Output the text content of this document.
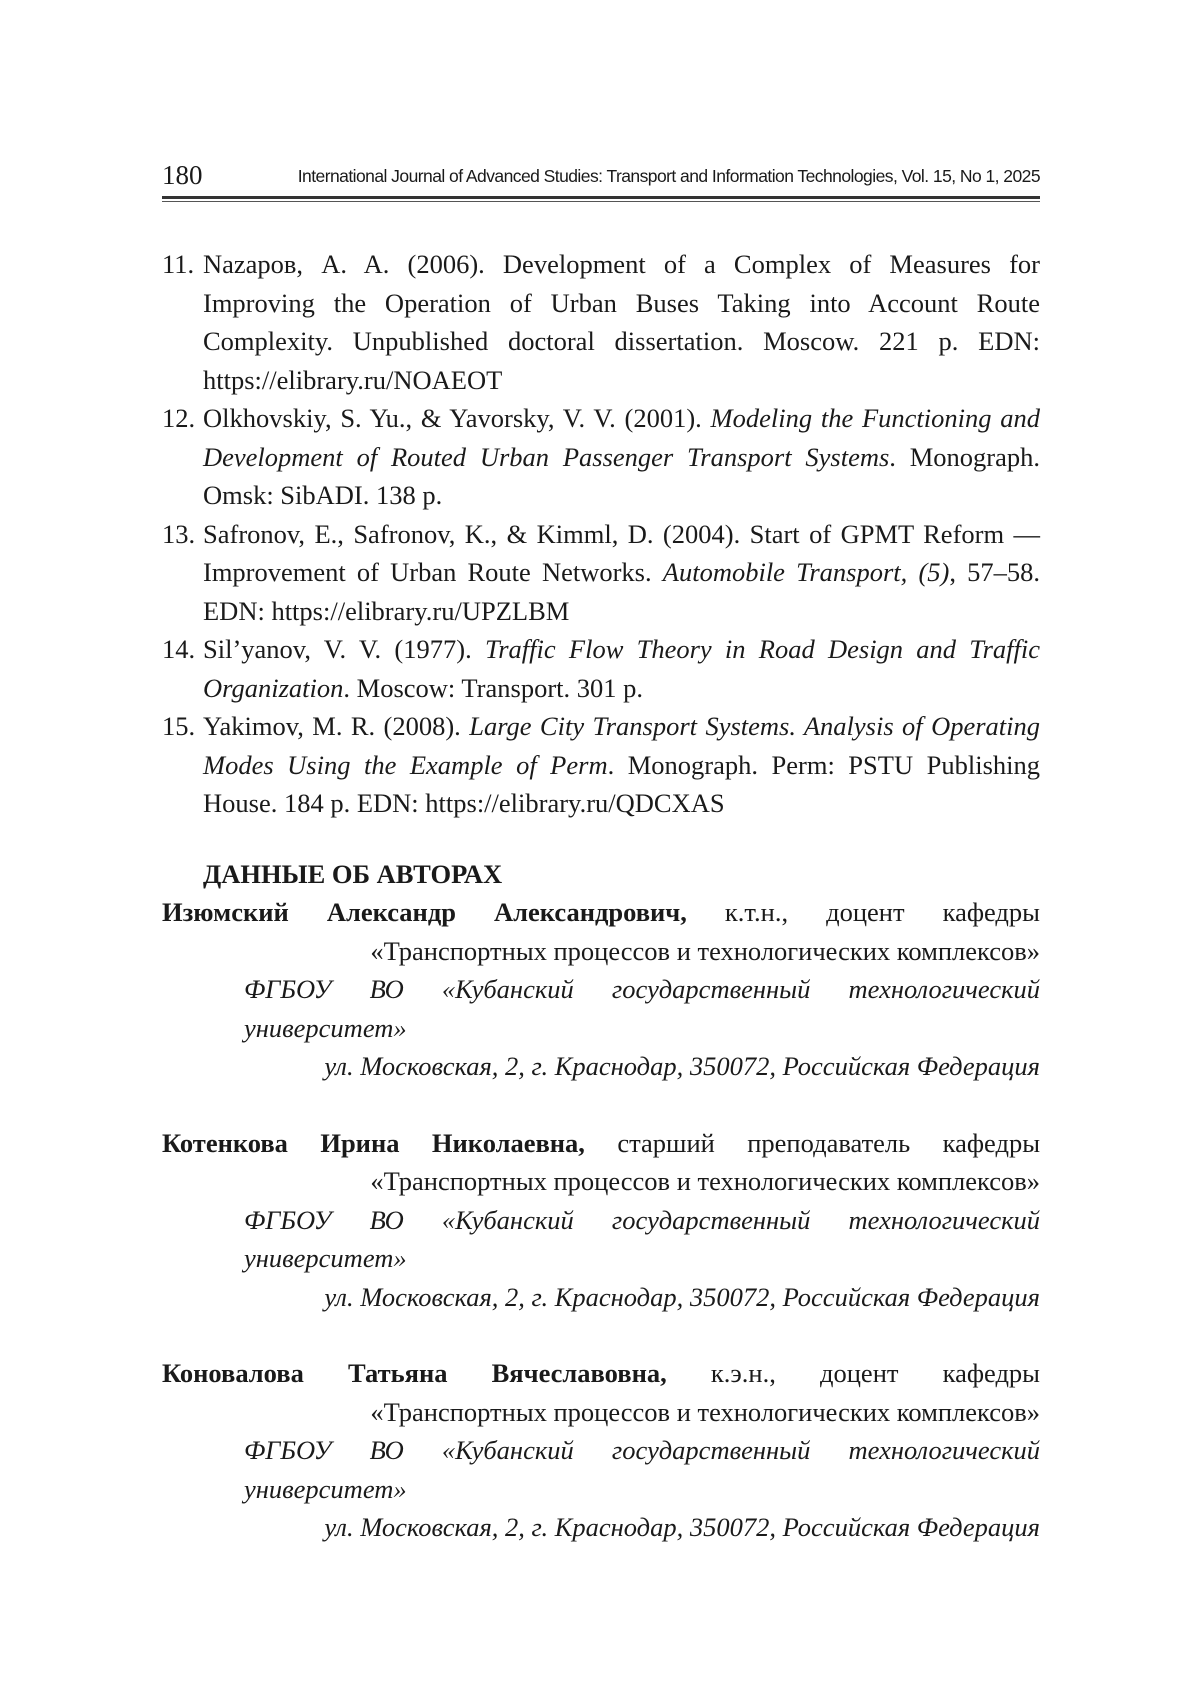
180	International Journal of Advanced Studies: Transport and Information Technologies, Vol. 15, No 1, 2025
11. Nazapов, A. A. (2006). Development of a Complex of Measures for Improving the Operation of Urban Buses Taking into Account Route Complexity. Unpublished doctoral dissertation. Moscow. 221 p. EDN: https://elibrary.ru/NOAEOT
12. Olkhovskiy, S. Yu., & Yavorsky, V. V. (2001). Modeling the Functioning and Development of Routed Urban Passenger Transport Systems. Monograph. Omsk: SibADI. 138 p.
13. Safronov, E., Safronov, K., & Kimml, D. (2004). Start of GPMT Reform — Improvement of Urban Route Networks. Automobile Transport, (5), 57–58. EDN: https://elibrary.ru/UPZLBM
14. Sil’yanov, V. V. (1977). Traffic Flow Theory in Road Design and Traffic Organization. Moscow: Transport. 301 p.
15. Yakimov, M. R. (2008). Large City Transport Systems. Analysis of Operating Modes Using the Example of Perm. Monograph. Perm: PSTU Publishing House. 184 p. EDN: https://elibrary.ru/QDCXAS
ДАННЫЕ ОБ АВТОРАХ
Изюмский Александр Александрович, к.т.н., доцент кафедры
«Транспортных процессов и технологических комплексов»
ФГБОУ ВО «Кубанский государственный технологический
университет»
ул. Московская, 2, г. Краснодар, 350072, Российская Федерация
Котенкова Ирина Николаевна, старший преподаватель кафедры
«Транспортных процессов и технологических комплексов»
ФГБОУ ВО «Кубанский государственный технологический
университет»
ул. Московская, 2, г. Краснодар, 350072, Российская Федерация
Коновалова Татьяна Вячеславовна, к.э.н., доцент кафедры
«Транспортных процессов и технологических комплексов»
ФГБОУ ВО «Кубанский государственный технологический
университет»
ул. Московская, 2, г. Краснодар, 350072, Российская Федерация
